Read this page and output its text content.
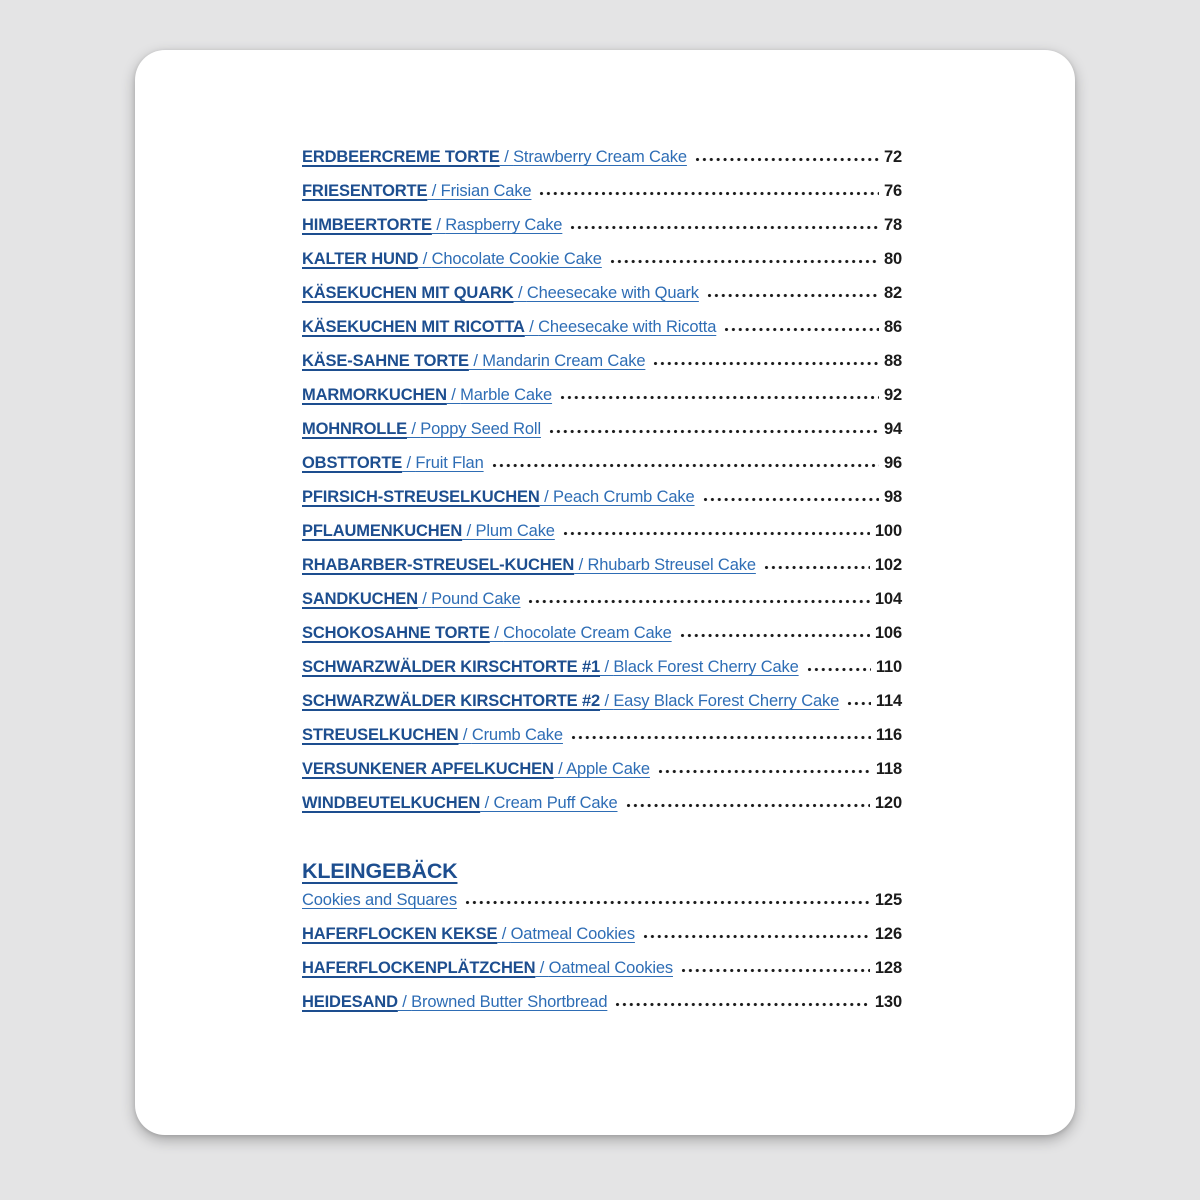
ERDBEERCREME TORTE / Strawberry Cream Cake	72
FRIESENTORTE / Frisian Cake	76
HIMBEERTORTE / Raspberry Cake	78
KALTER HUND / Chocolate Cookie Cake	80
KÄSEKUCHEN MIT QUARK / Cheesecake with Quark	82
KÄSEKUCHEN MIT RICOTTA / Cheesecake with Ricotta	86
KÄSE-SAHNE TORTE / Mandarin Cream Cake	88
MARMORKUCHEN / Marble Cake	92
MOHNROLLE / Poppy Seed Roll	94
OBSTTORTE / Fruit Flan	96
PFIRSICH-STREUSELKUCHEN / Peach Crumb Cake	98
PFLAUMENKUCHEN / Plum Cake	100
RHABARBER-STREUSEL-KUCHEN / Rhubarb Streusel Cake	102
SANDKUCHEN / Pound Cake	104
SCHOKOSAHNE TORTE / Chocolate Cream Cake	106
SCHWARZWÄLDER KIRSCHTORTE #1 / Black Forest Cherry Cake	110
SCHWARZWÄLDER KIRSCHTORTE #2 / Easy Black Forest Cherry Cake 114
STREUSELKUCHEN / Crumb Cake	116
VERSUNKENER APFELKUCHEN / Apple Cake	118
WINDBEUTELKUCHEN / Cream Puff Cake	120
KLEINGEBÄCK
Cookies and Squares	125
HAFERFLOCKEN KEKSE / Oatmeal Cookies	126
HAFERFLOCKENPLÄTZCHEN / Oatmeal Cookies	128
HEIDESAND / Browned Butter Shortbread	130
